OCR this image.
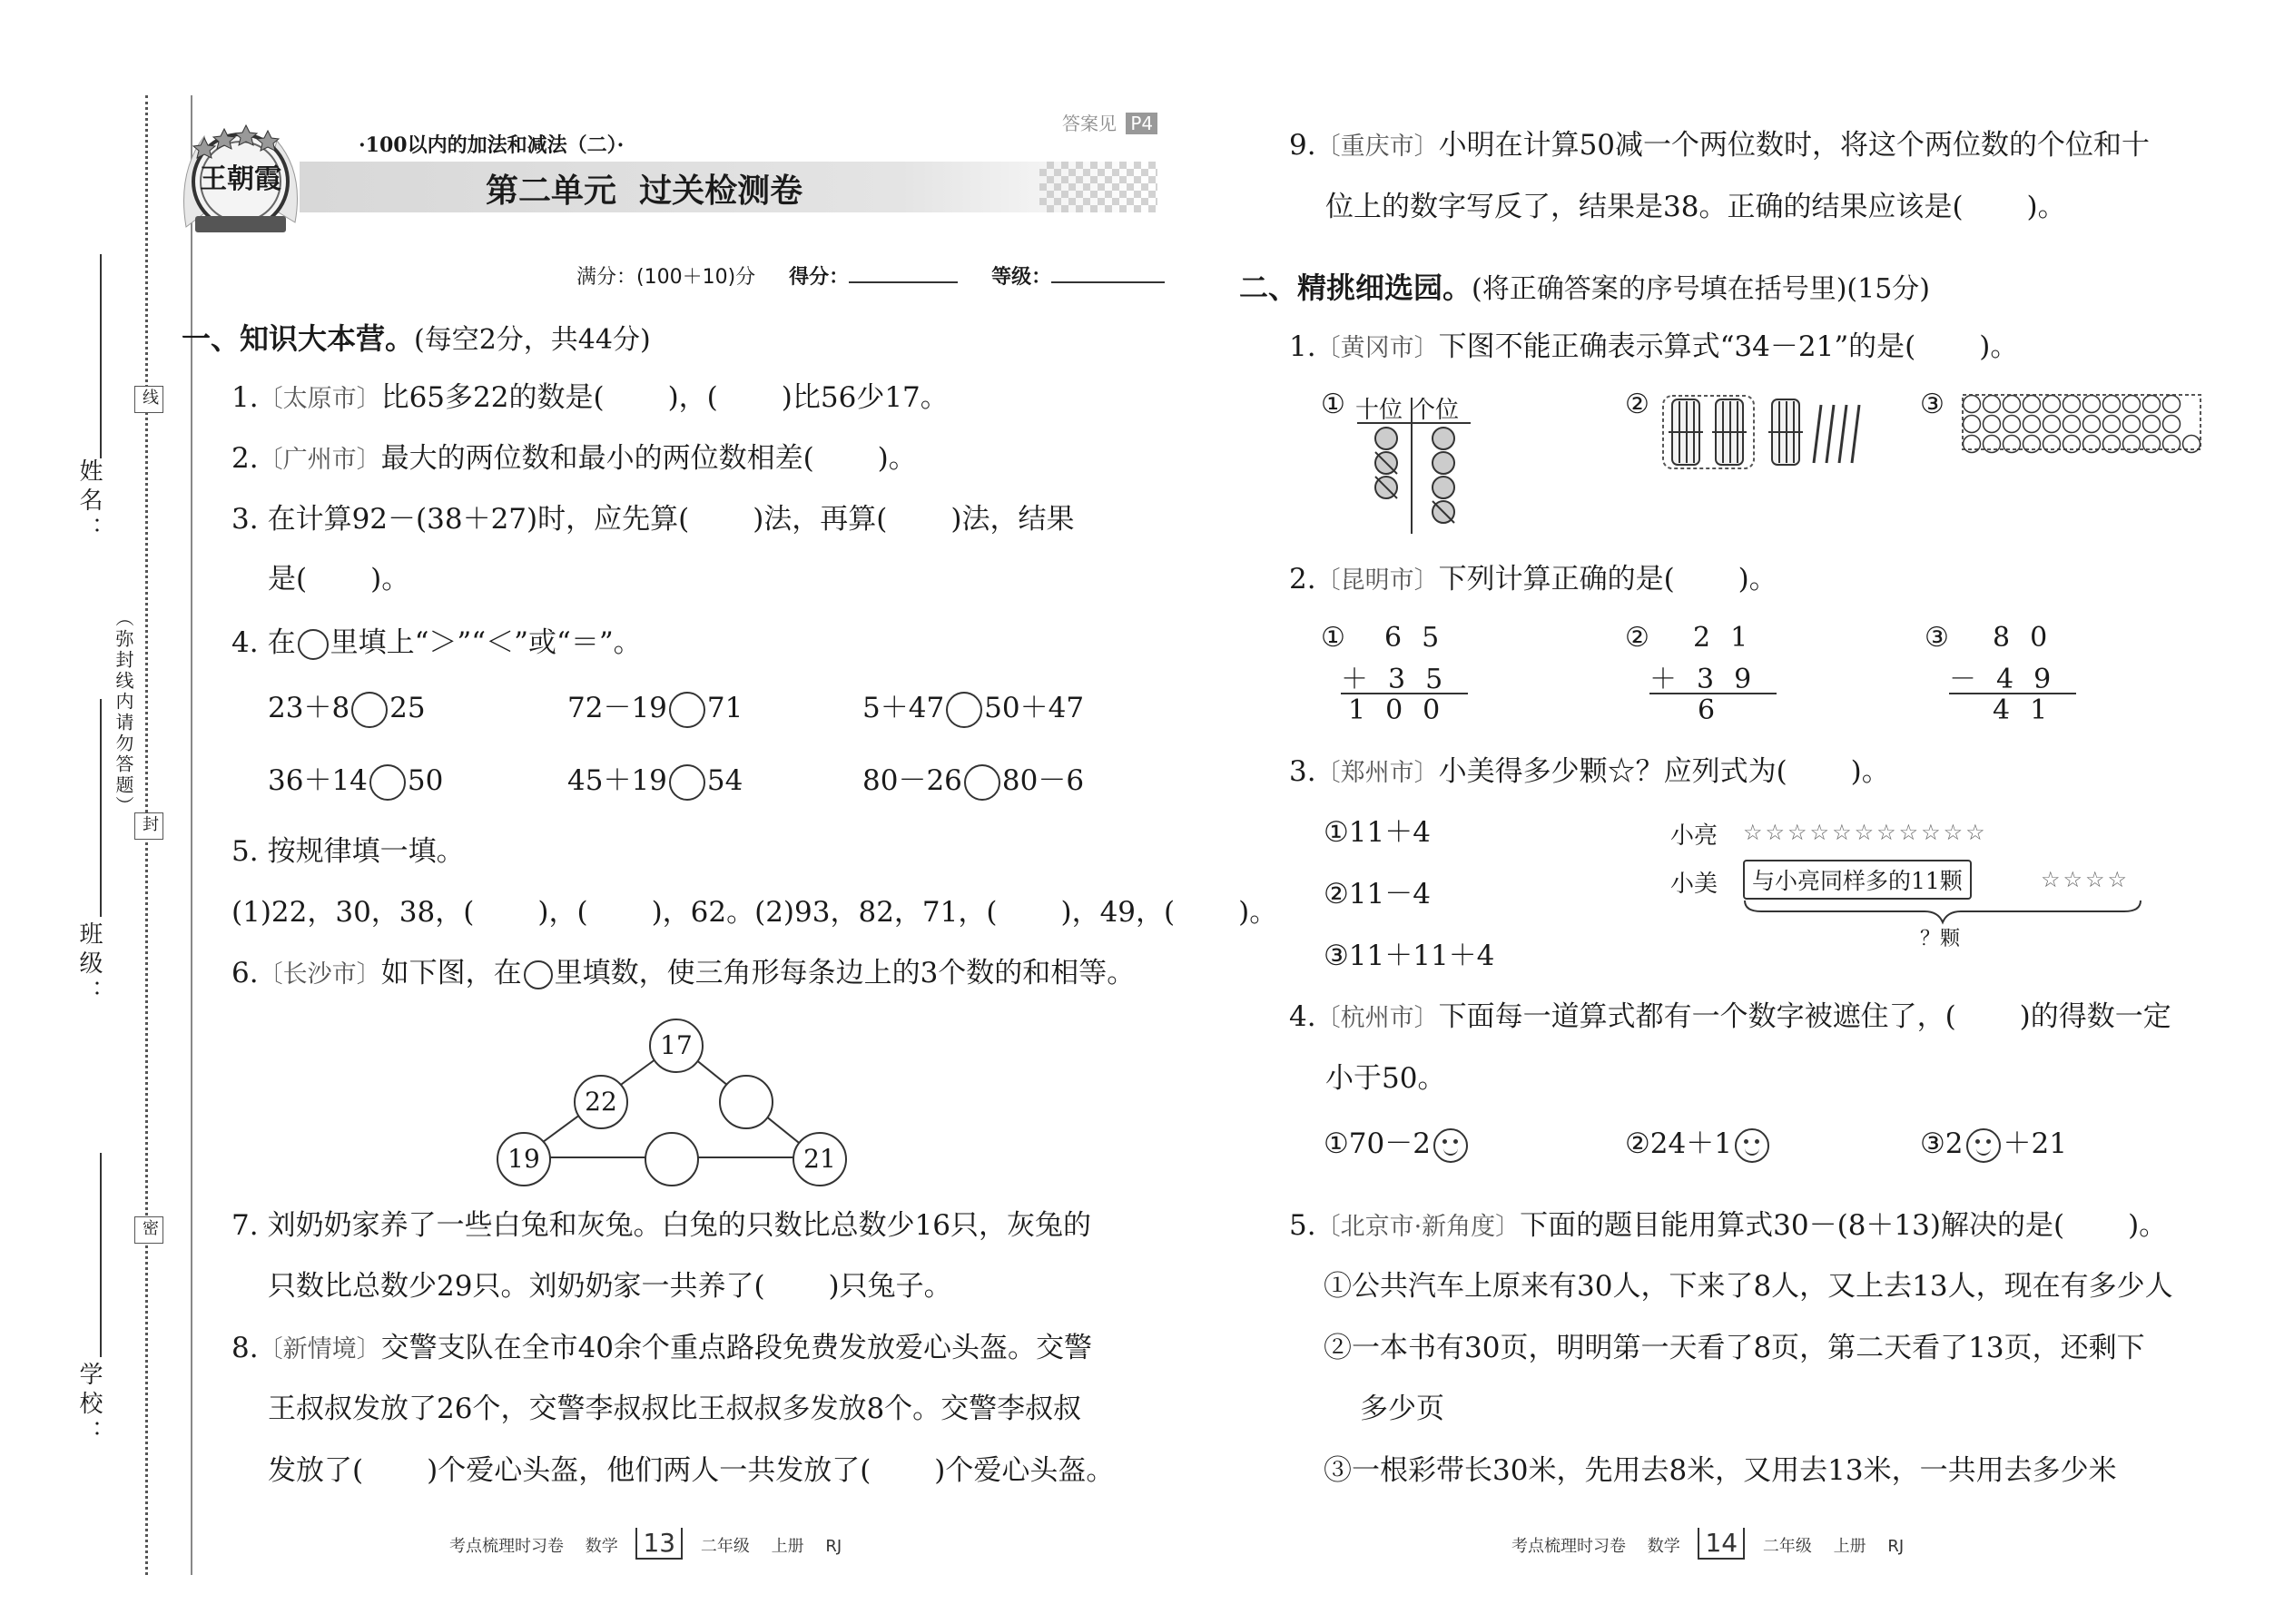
姓名：
班级：
学校：
（弥封线内请勿答题）
线
封
密
王朝霞
·100以内的加法和减法（二）·
第二单元  过关检测卷
答案见 P4
满分：(100＋10)分 得分：	等级：
一、知识大本营。(每空2分，共44分)
1.〔太原市〕比65多22的数是( )，( )比56少17。
2.〔广州市〕最大的两位数和最小的两位数相差( )。
3. 在计算92－(38＋27)时，应先算( )法，再算( )法，结果
是( )。
4. 在 里填上“＞”“＜”或“＝”。
23＋8 25	72－19 71	5＋47 50＋47
36＋14 50	45＋19 54	80－26 80－6
5. 按规律填一填。
(1)22，30，38，( )，( )，62。(2)93，82，71，( )，49，( )。
6.〔长沙市〕如下图，在 里填数，使三角形每条边上的3个数的和相等。
17
22
19	21
7. 刘奶奶家养了一些白兔和灰兔。白兔的只数比总数少16只，灰兔的
只数比总数少29只。刘奶奶家一共养了( )只兔子。
8.〔新情境〕交警支队在全市40余个重点路段免费发放爱心头盔。交警
王叔叔发放了26个，交警李叔叔比王叔叔多发放8个。交警李叔叔
发放了( )个爱心头盔，他们两人一共发放了( )个爱心头盔。
9.〔重庆市〕小明在计算50减一个两位数时，将这个两位数的个位和十
位上的数字写反了，结果是38。正确的结果应该是( )。
二、精挑细选园。(将正确答案的序号填在括号里)(15分)
1.〔黄冈市〕下图不能正确表示算式“34－21”的是( )。
① 十位 个位	②	③
2.〔昆明市〕下列计算正确的是( )。
① 65
＋35
100
② 21
＋39
6
③ 80
－49
41
3.〔郑州市〕小美得多少颗☆？应列式为( )。
①11＋4
②11－4
③11＋11＋4
小亮 ☆☆☆☆☆☆☆☆☆☆☆
小美	与小亮同样多的11颗	☆☆☆☆
？颗
4.〔杭州市〕下面每一道算式都有一个数字被遮住了，( )的得数一定
小于50。
①70－2	②24＋1	③2 ＋21
5.〔北京市·新角度〕下面的题目能用算式30－(8＋13)解决的是( )。
①公共汽车上原来有30人，下来了8人，又上去13人，现在有多少人
②一本书有30页，明明第一天看了8页，第二天看了13页，还剩下
多少页
③一根彩带长30米，先用去8米，又用去13米，一共用去多少米
考点梳理时习卷 数学 13 二年级 上册 RJ	考点梳理时习卷 数学 14 二年级 上册 RJ
